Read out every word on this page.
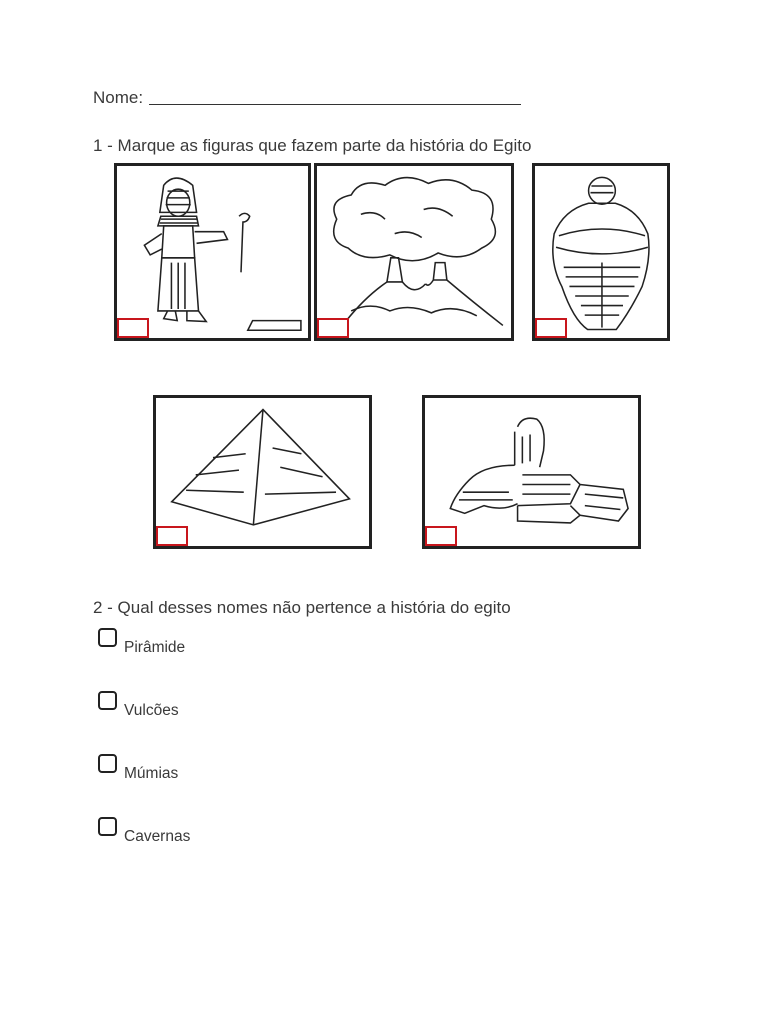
Nome:
1 - Marque as figuras que fazem parte da história do Egito
2 - Qual desses nomes não pertence a história do egito
Pirâmide
Vulcões
Múmias
Cavernas
